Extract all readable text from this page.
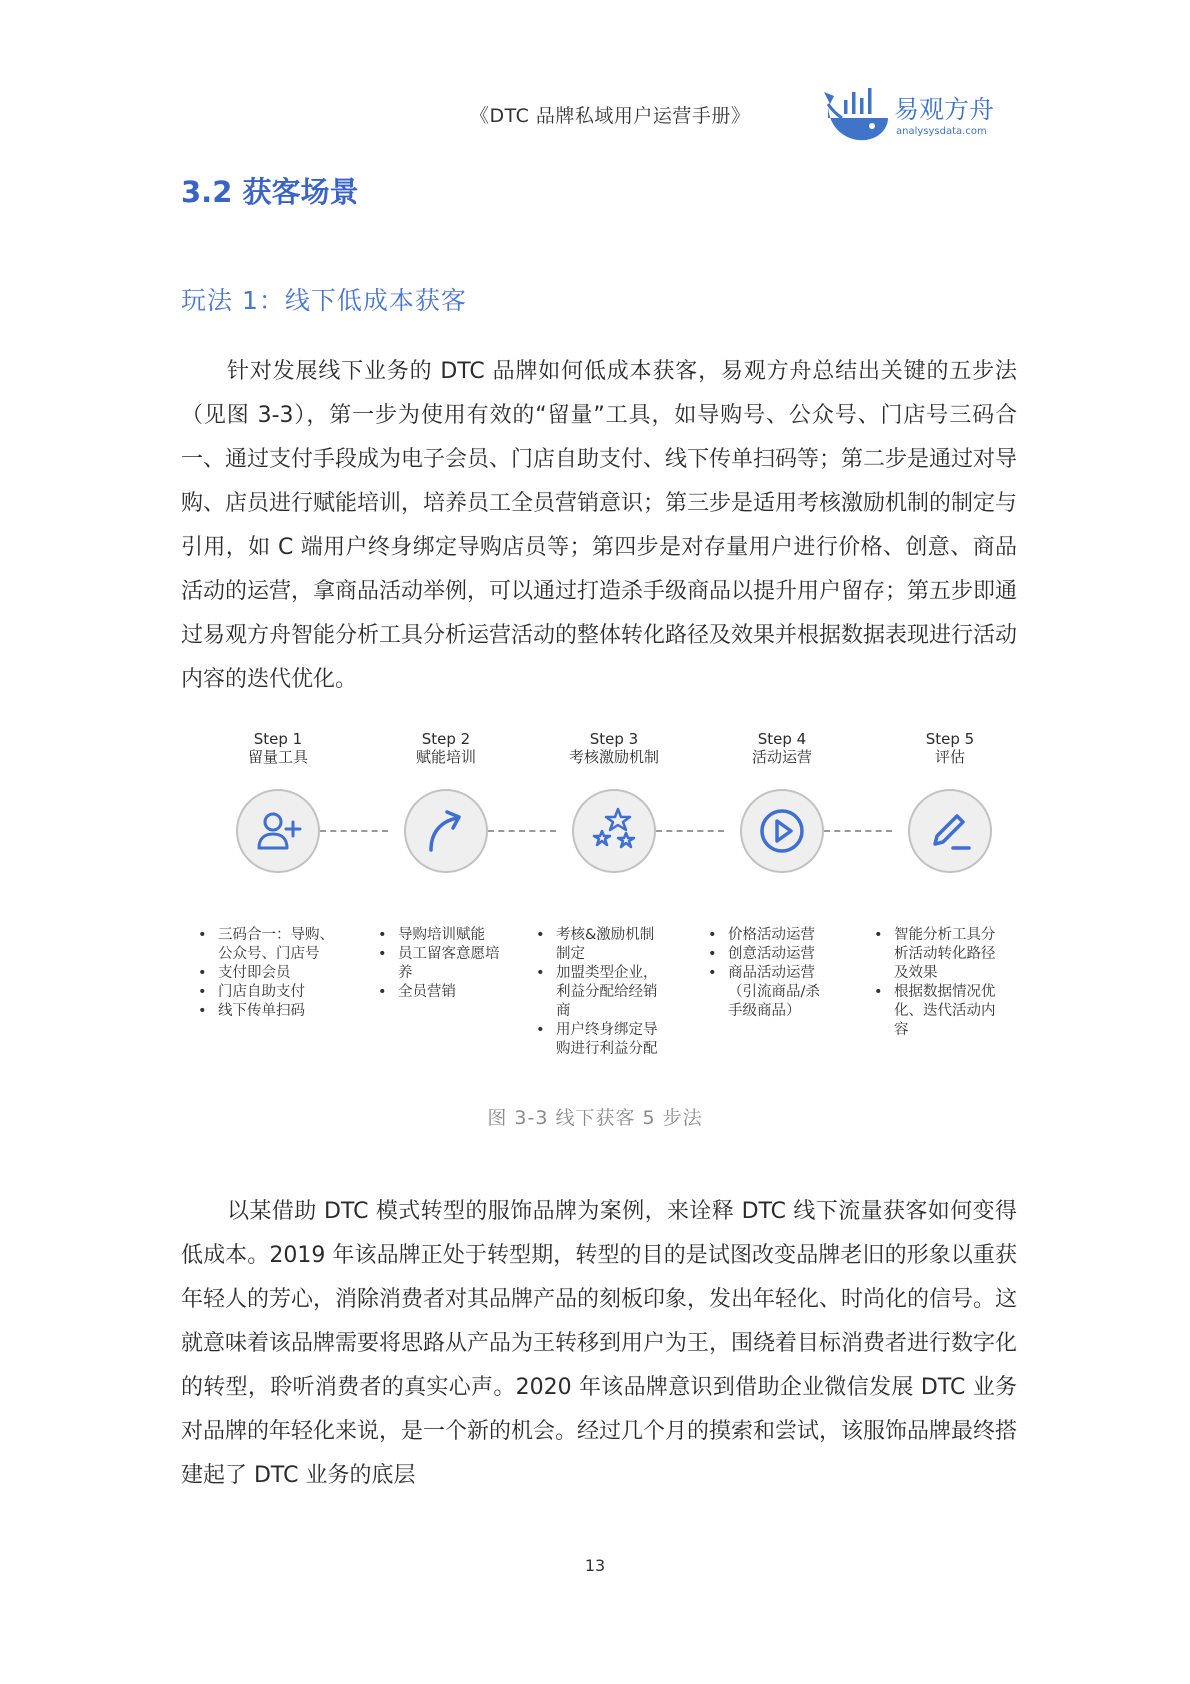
《DTC 品牌私域用户运营手册》	易观方舟
analysysdata.com
3.2 获客场景
玩法 1：线下低成本获客

针对发展线下业务的 DTC 品牌如何低成本获客，易观方舟总结出关键的五步法（见图 3-3），第一步为使用有效的“留量”工具，如导购号、公众号、门店号三码合一、通过支付手段成为电子会员、门店自助支付、线下传单扫码等；第二步是通过对导购、店员进行赋能培训，培养员工全员营销意识；第三步是适用考核激励机制的制定与引用，如 C 端用户终身绑定导购店员等；第四步是对存量用户进行价格、创意、商品活动的运营，拿商品活动举例，可以通过打造杀手级商品以提升用户留存；第五步即通过易观方舟智能分析工具分析运营活动的整体转化路径及效果并根据数据表现进行活动内容的迭代优化。

Step 1
留量工具
Step 2
赋能培训
Step 3
考核激励机制
Step 4
活动运营
Step 5
评估
• 三码合一：导购、公众号、门店号
• 支付即会员
• 门店自助支付
• 线下传单扫码
• 导购培训赋能
• 员工留客意愿培养
• 全员营销
• 考核&激励机制制定
• 加盟类型企业，利益分配给经销商
• 用户终身绑定导购进行利益分配
• 价格活动运营
• 创意活动运营
• 商品活动运营（引流商品/杀手级商品）
• 智能分析工具分析活动转化路径及效果
• 根据数据情况优化、迭代活动内容
图 3-3 线下获客 5 步法

以某借助 DTC 模式转型的服饰品牌为案例，来诠释 DTC 线下流量获客如何变得低成本。2019 年该品牌正处于转型期，转型的目的是试图改变品牌老旧的形象以重获年轻人的芳心，消除消费者对其品牌产品的刻板印象，发出年轻化、时尚化的信号。这就意味着该品牌需要将思路从产品为王转移到用户为王，围绕着目标消费者进行数字化的转型，聆听消费者的真实心声。2020 年该品牌意识到借助企业微信发展 DTC 业务对品牌的年轻化来说，是一个新的机会。经过几个月的摸索和尝试，该服饰品牌最终搭建起了 DTC 业务的底层

13
